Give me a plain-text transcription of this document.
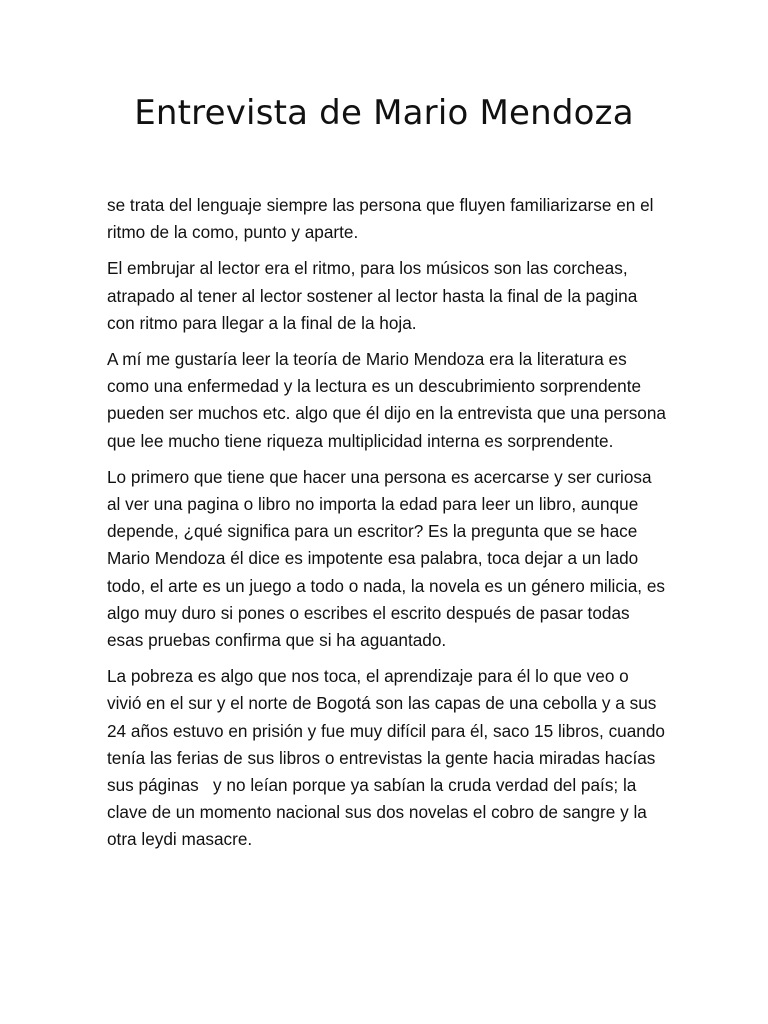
Entrevista de Mario Mendoza

se trata del lenguaje siempre las persona que fluyen familiarizarse en el ritmo de la como, punto y aparte.

El embrujar al lector era el ritmo, para los músicos son las corcheas, atrapado al tener al lector sostener al lector hasta la final de la pagina con ritmo para llegar a la final de la hoja.

A mí me gustaría leer la teoría de Mario Mendoza era la literatura es como una enfermedad y la lectura es un descubrimiento sorprendente pueden ser muchos etc. algo que él dijo en la entrevista que una persona que lee mucho tiene riqueza multiplicidad interna es sorprendente.

Lo primero que tiene que hacer una persona es acercarse y ser curiosa al ver una pagina o libro no importa la edad para leer un libro, aunque depende, ¿qué significa para un escritor? Es la pregunta que se hace Mario Mendoza él dice es impotente esa palabra, toca dejar a un lado todo, el arte es un juego a todo o nada, la novela es un género milicia, es algo muy duro si pones o escribes el escrito después de pasar todas esas pruebas confirma que si ha aguantado.

La pobreza es algo que nos toca, el aprendizaje para él lo que veo o vivió en el sur y el norte de Bogotá son las capas de una cebolla y a sus 24 años estuvo en prisión y fue muy difícil para él, saco 15 libros, cuando tenía las ferias de sus libros o entrevistas la gente hacia miradas hacías sus páginas   y no leían porque ya sabían la cruda verdad del país; la clave de un momento nacional sus dos novelas el cobro de sangre y la otra leydi masacre.
